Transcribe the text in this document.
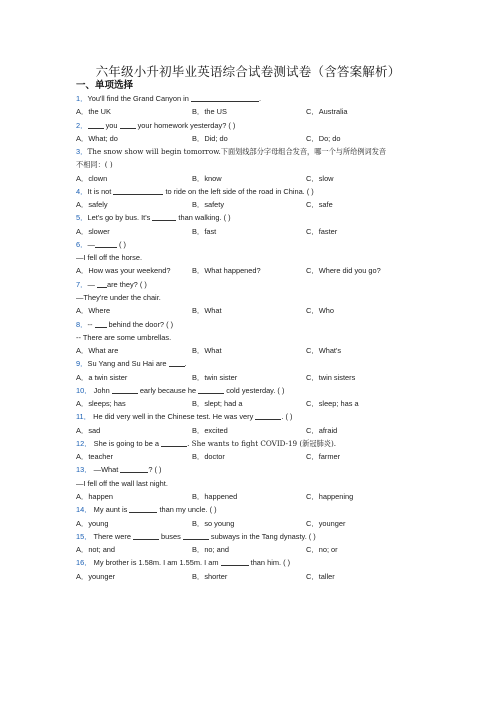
六年级小升初毕业英语综合试卷测试卷（含答案解析）
一、单项选择
1．You'll find the Grand Canyon in	.
A．the UK	B．the US	C．Australia
2． you  your homework yesterday? ( )
A．What; do	B．Did; do	C．Do; do
3．The snow show will begin tomorrow.下面划线部分字母组合发音，哪一个与所给例词发音
不相同：( )
A．clown	B．know	C．slow
4．It is not	to ride on the left side of the road in China. ( )
A．safely	B．safety	C．safe
5．Let's go by bus. It's	than walking. ( )
A．slower	B．fast	C．faster
6．—	( )
—I fell off the horse.
A．How was your weekend?	B．What happened?	C．Where did you go?
7．— are they? ( )
—They're under the chair.
A．Where	B．What	C．Who
8．--  behind the door? ( )
-- There are some umbrellas.
A．What are	B．What	C．What's
9．Su Yang and Su Hai are .
A．a twin sister	B．twin sister	C．twin sisters
10． John	early because he	cold yesterday. ( )
A．sleeps; has	B．slept; had a	C．sleep; has a
11． He did very well in the Chinese test. He was very	. ( )
A．sad	B．excited	C．afraid
12． She is going to be a	. She wants to fight COVID-19 (新冠肺炎).
A．teacher	B．doctor	C．farmer
13． —What	? ( )
—I fell off the wall last night.
A．happen	B．happened	C．happening
14． My aunt is	than my uncle. ( )
A．young	B．so young	C．younger
15． There were	buses	subways in the Tang dynasty. ( )
A．not; and	B．no; and	C．no; or
16． My brother is 1.58m. I am 1.55m. I am	than him. ( )
A．younger	B．shorter	C．taller
